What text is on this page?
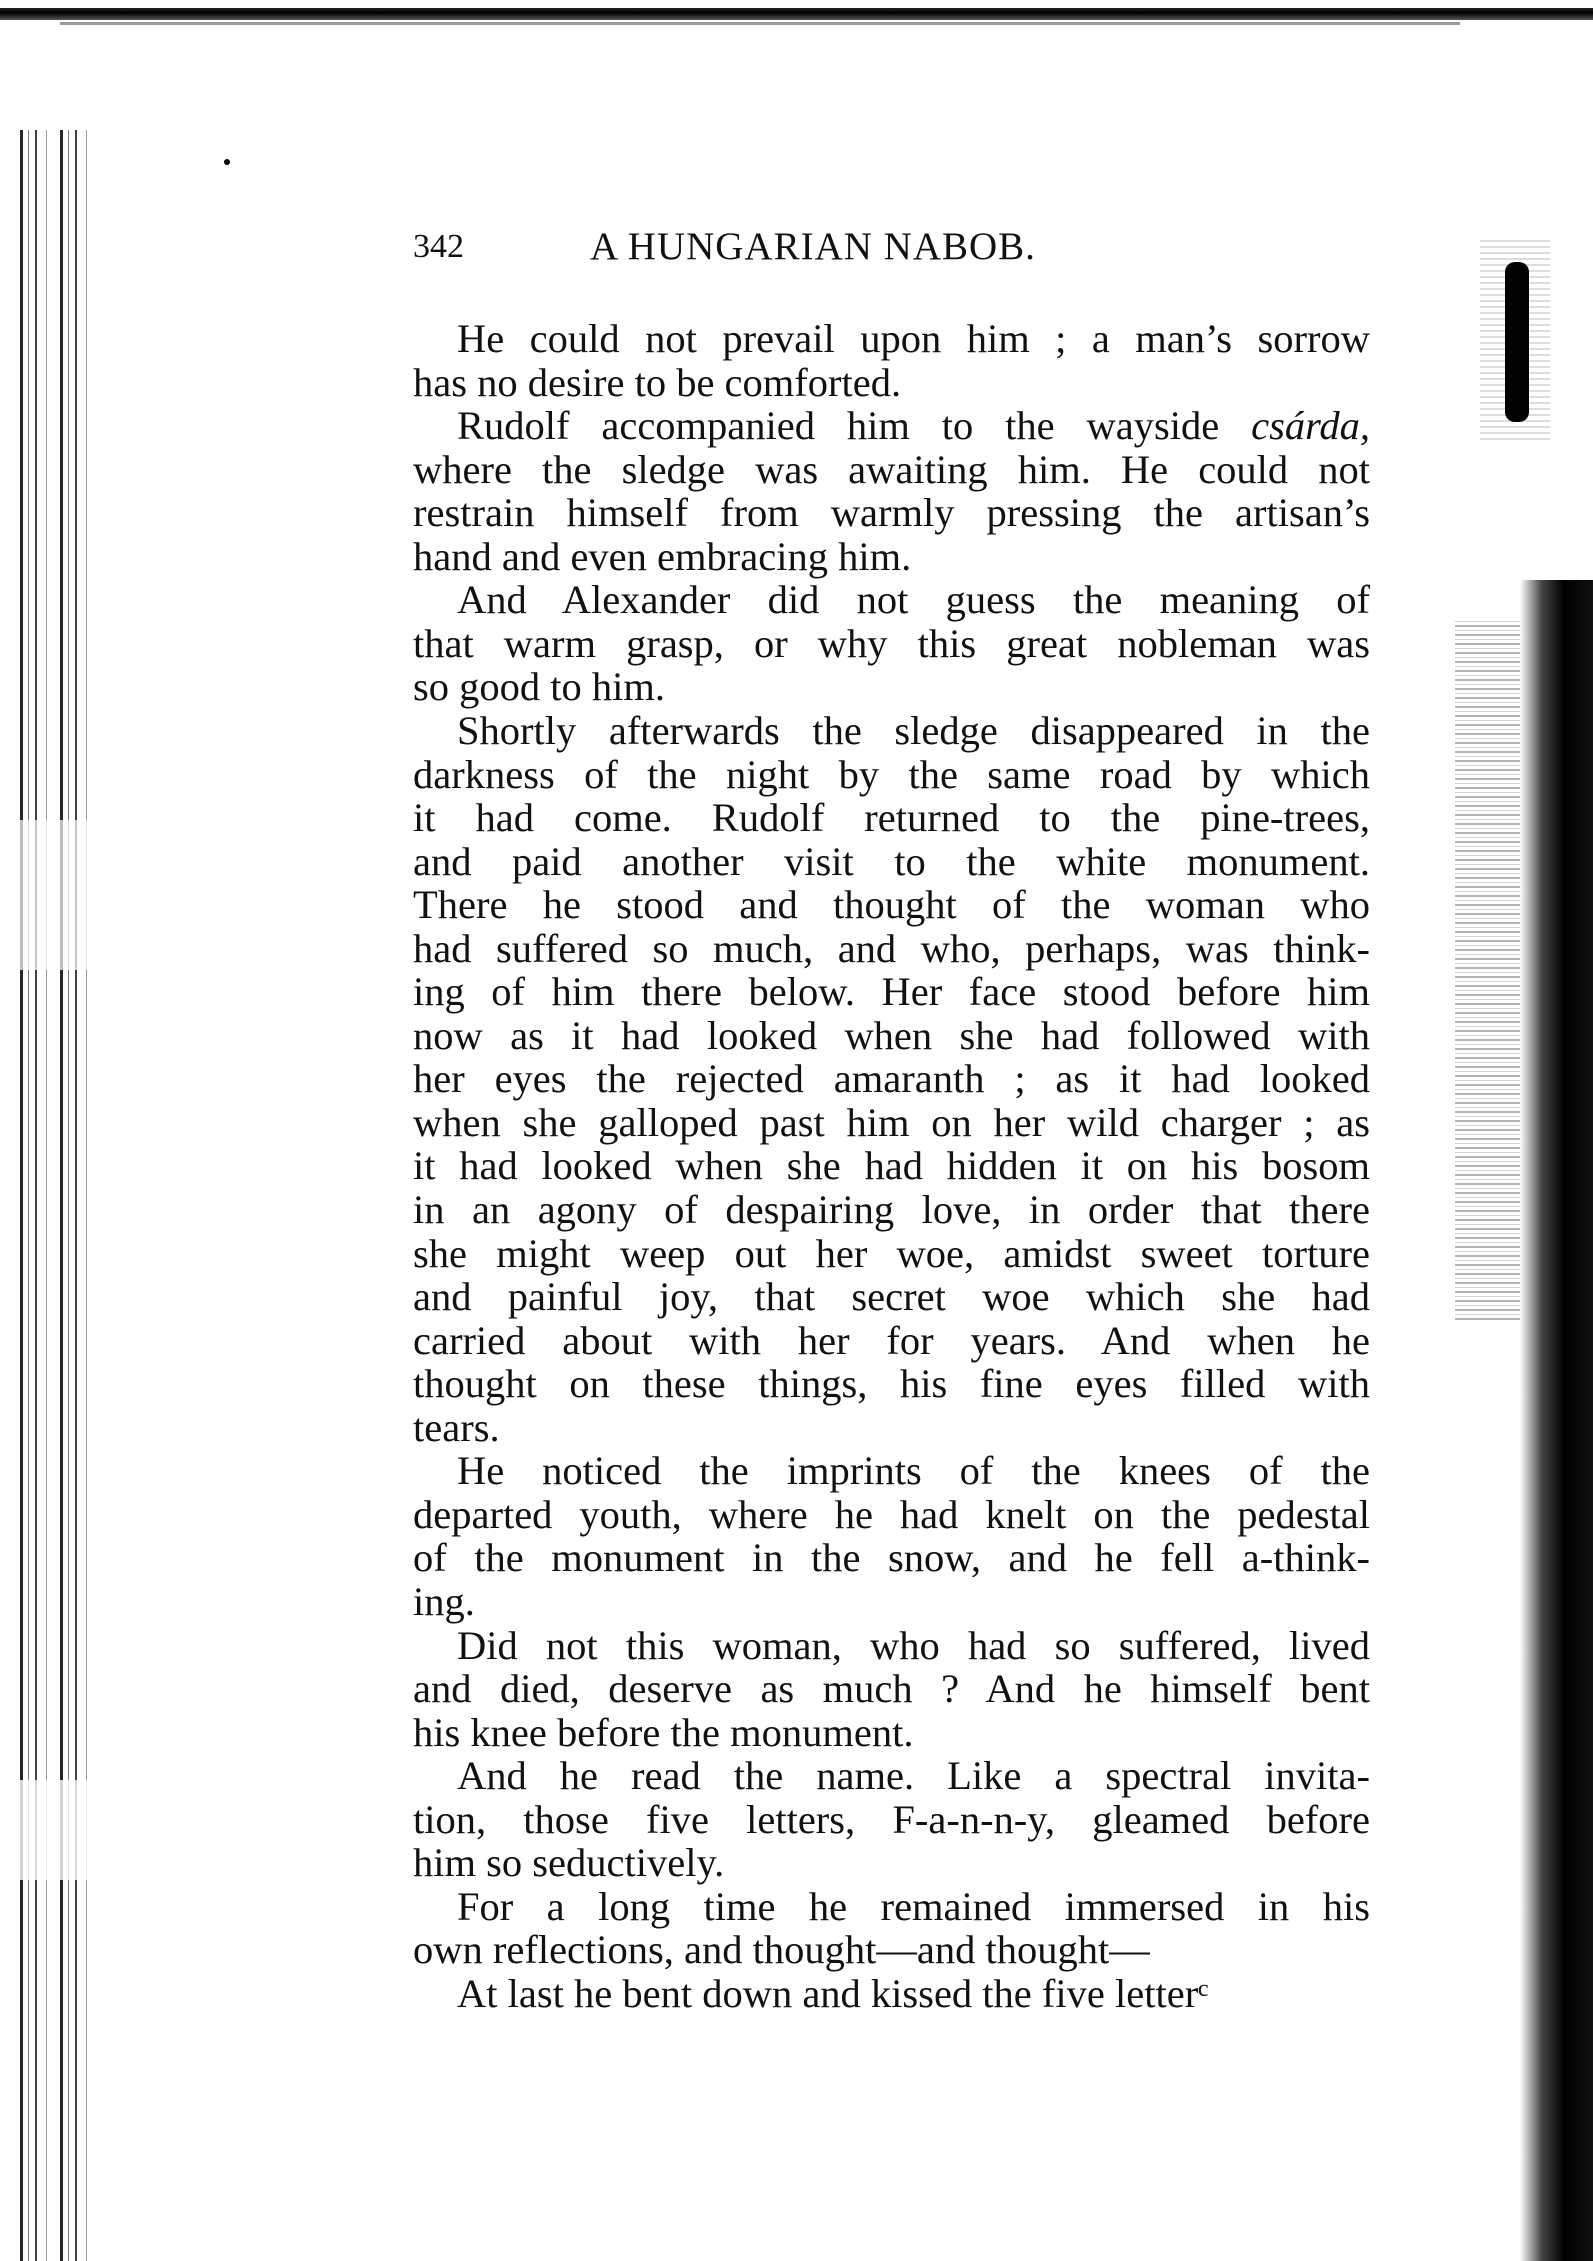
342	A HUNGARIAN NABOB.
He could not prevail upon him ; a man’s sorrow
has no desire to be comforted.
Rudolf accompanied him to the wayside csárda,
where the sledge was awaiting him. He could not
restrain himself from warmly pressing the artisan’s
hand and even embracing him.
And Alexander did not guess the meaning of
that warm grasp, or why this great nobleman was
so good to him.
Shortly afterwards the sledge disappeared in the
darkness of the night by the same road by which
it had come. Rudolf returned to the pine-trees,
and paid another visit to the white monument.
There he stood and thought of the woman who
had suffered so much, and who, perhaps, was think-
ing of him there below. Her face stood before him
now as it had looked when she had followed with
her eyes the rejected amaranth ; as it had looked
when she galloped past him on her wild charger ; as
it had looked when she had hidden it on his bosom
in an agony of despairing love, in order that there
she might weep out her woe, amidst sweet torture
and painful joy, that secret woe which she had
carried about with her for years. And when he
thought on these things, his fine eyes filled with
tears.
He noticed the imprints of the knees of the
departed youth, where he had knelt on the pedestal
of the monument in the snow, and he fell a-think-
ing.
Did not this woman, who had so suffered, lived
and died, deserve as much ? And he himself bent
his knee before the monument.
And he read the name. Like a spectral invita-
tion, those five letters, F-a-n-n-y, gleamed before
him so seductively.
For a long time he remained immersed in his
own reflections, and thought—and thought—
At last he bent down and kissed the five letterᶜ
